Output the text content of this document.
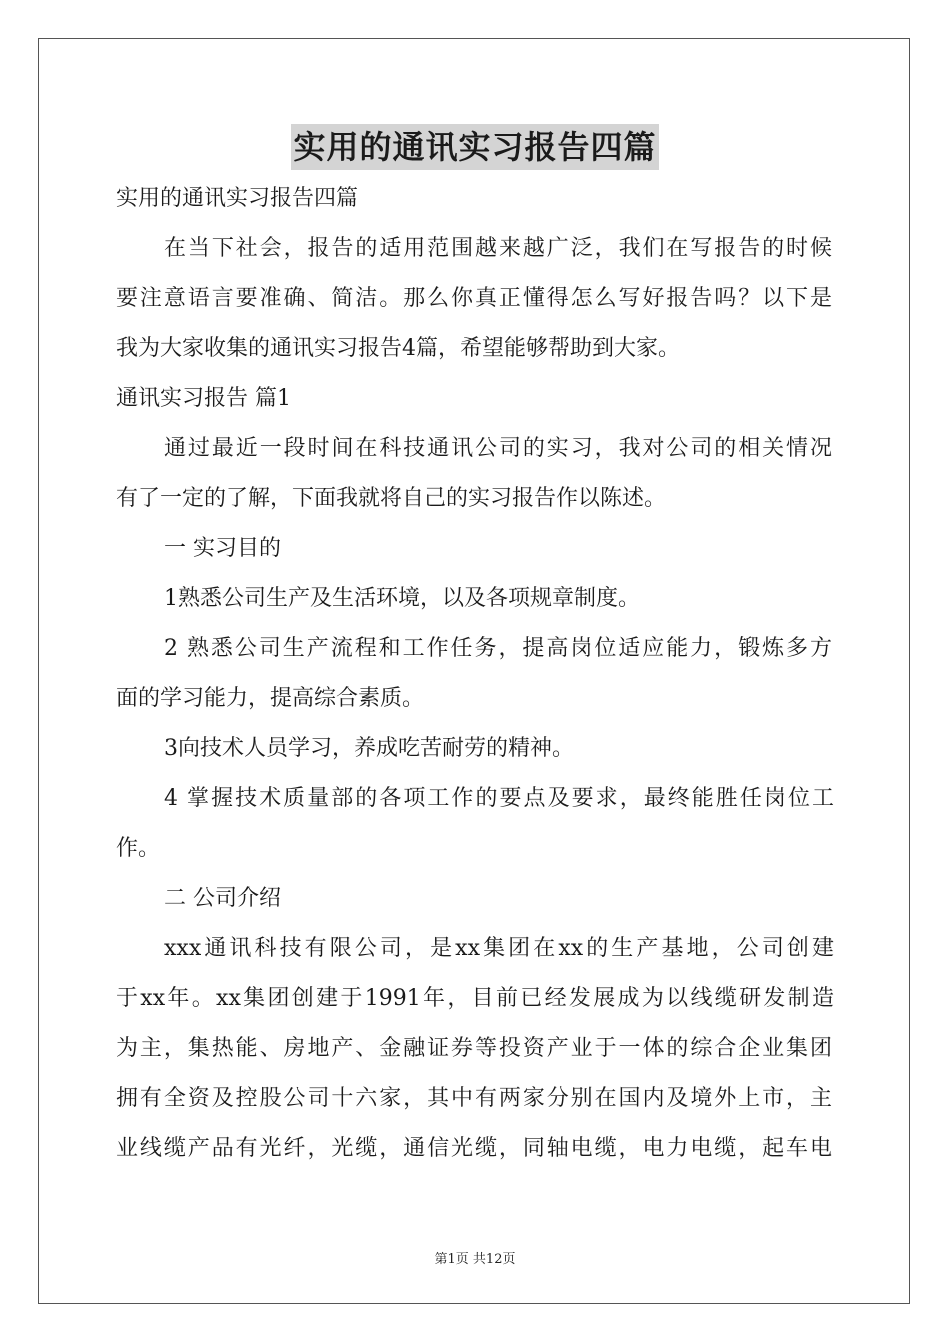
实用的通讯实习报告四篇
实用的通讯实习报告四篇
在当下社会，报告的适用范围越来越广泛，我们在写报告的时候
要注意语言要准确、简洁。那么你真正懂得怎么写好报告吗？以下是
我为大家收集的通讯实习报告4篇，希望能够帮助到大家。
通讯实习报告 篇1
通过最近一段时间在科技通讯公司的实习，我对公司的相关情况
有了一定的了解，下面我就将自己的实习报告作以陈述。
一 实习目的
1熟悉公司生产及生活环境，以及各项规章制度。
2 熟悉公司生产流程和工作任务，提高岗位适应能力，锻炼多方
面的学习能力，提高综合素质。
3向技术人员学习，养成吃苦耐劳的精神。
4 掌握技术质量部的各项工作的要点及要求，最终能胜任岗位工
作。
二 公司介绍
xxx通讯科技有限公司，是xx集团在xx的生产基地，公司创建
于xx年。xx集团创建于1991年，目前已经发展成为以线缆研发制造
为主，集热能、房地产、金融证券等投资产业于一体的综合企业集团
拥有全资及控股公司十六家，其中有两家分别在国内及境外上市，主
业线缆产品有光纤，光缆，通信光缆，同轴电缆，电力电缆，起车电
第1页 共12页
